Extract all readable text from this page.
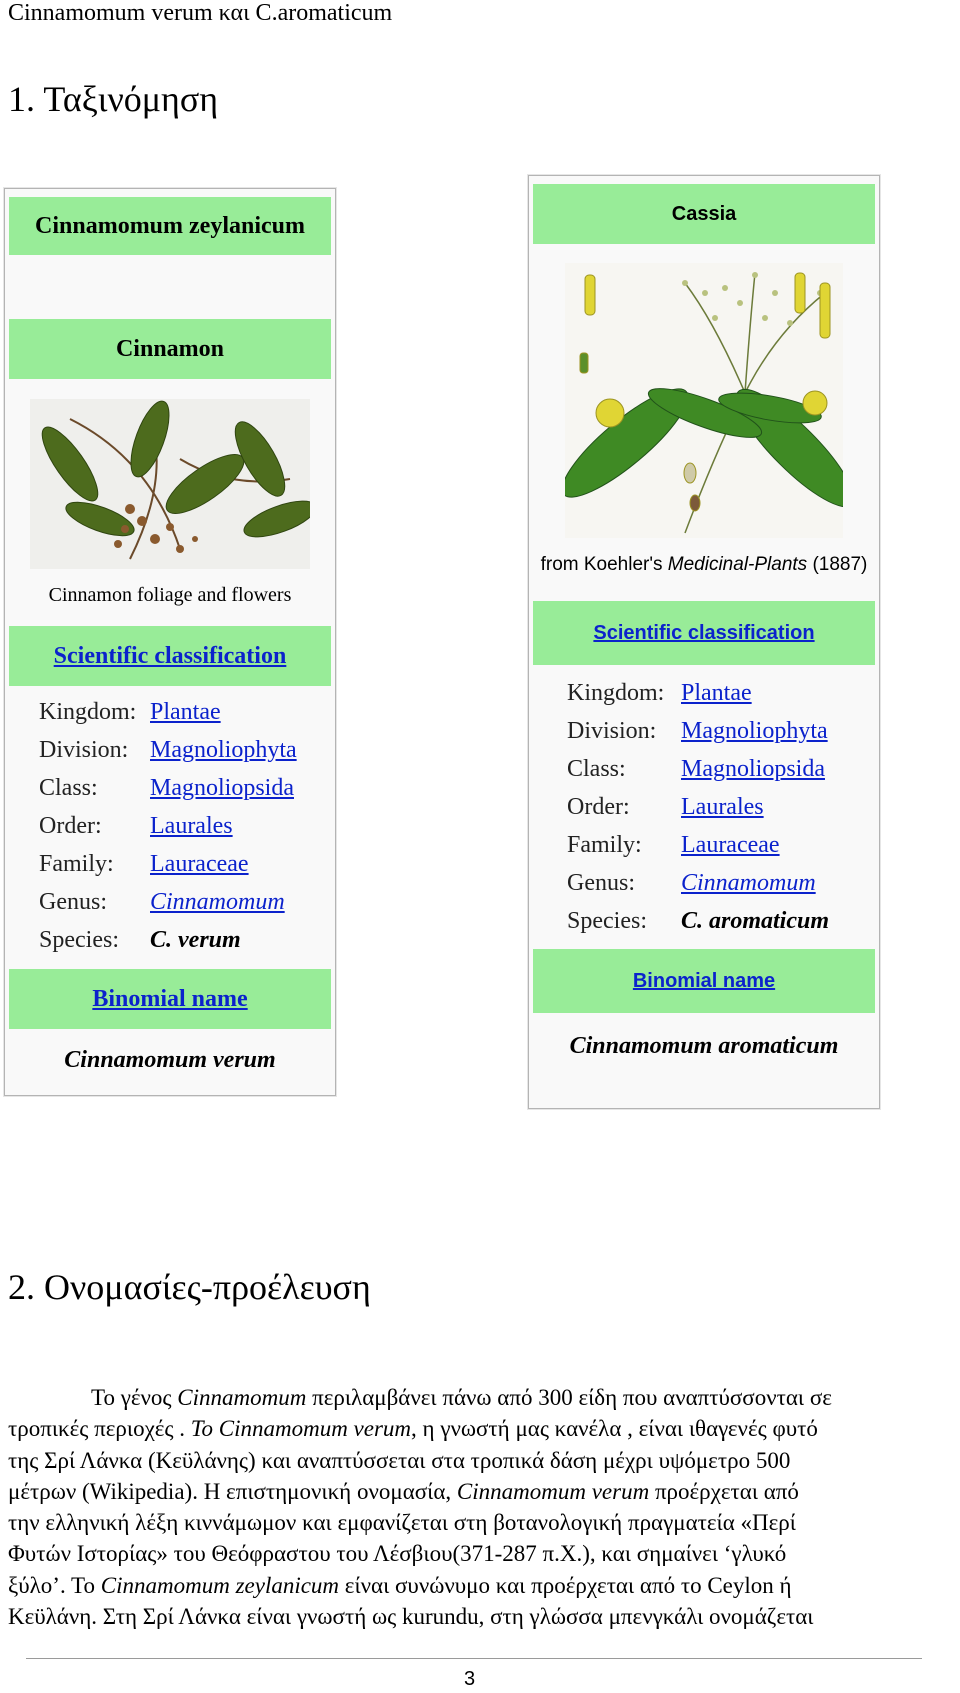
Cinnamomum verum και C.aromaticum
1. Ταξινόμηση
Cinnamomum zeylanicum
Cinnamon
Cinnamon foliage and flowers
Scientific classification
Kingdom: Plantae
Division: Magnoliophyta
Class: Magnoliopsida
Order: Laurales
Family: Lauraceae
Genus: Cinnamomum
Species: C. verum
Binomial name
Cinnamomum verum
Cassia
from Koehler's Medicinal-Plants (1887)
Scientific classification
Kingdom: Plantae
Division: Magnoliophyta
Class: Magnoliopsida
Order: Laurales
Family: Lauraceae
Genus: Cinnamomum
Species: C. aromaticum
Binomial name
Cinnamomum aromaticum
2. Ονομασίες-προέλευση
Το γένος Cinnamomum περιλαμβάνει πάνω από 300 είδη που αναπτύσσονται σε
τροπικές περιοχές . Το Cinnamomum verum, η γνωστή μας κανέλα , είναι ιθαγενές φυτό
της Σρί Λάνκα (Κεϋλάνης) και αναπτύσσεται στα τροπικά δάση μέχρι υψόμετρο 500
μέτρων (Wikipedia). Η επιστημονική ονομασία, Cinnamomum verum προέρχεται από
την ελληνική λέξη κιννάμωμον και εμφανίζεται στη βοτανολογική πραγματεία «Περί
Φυτών Ιστορίας» του Θεόφραστου του Λέσβιου(371-287 π.Χ.), και σημαίνει ‘γλυκό
ξύλο’. Το Cinnamomum zeylanicum είναι συνώνυμο και προέρχεται από το Ceylon ή
Κεϋλάνη. Στη Σρί Λάνκα είναι γνωστή ως kurundu, στη γλώσσα μπενγκάλι ονομάζεται
3
